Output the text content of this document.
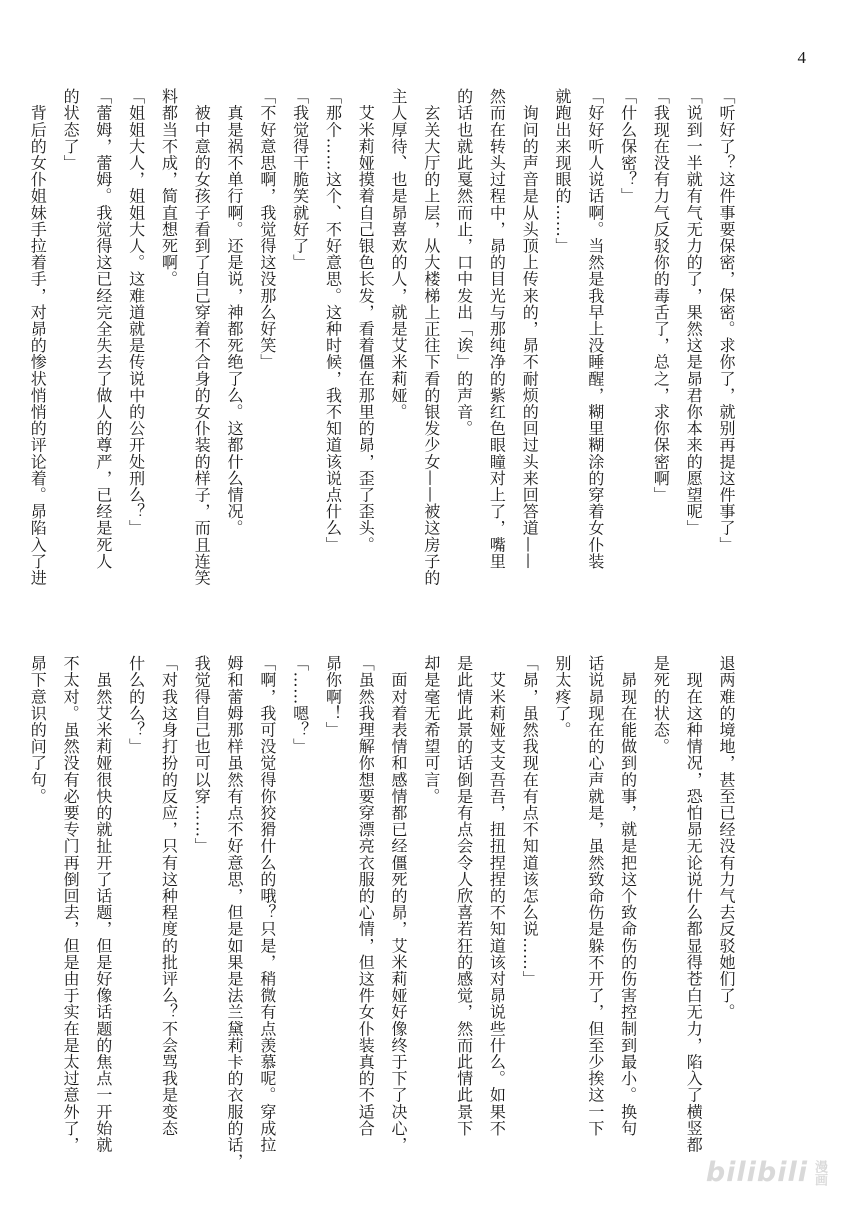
4
「听好了？这件事要保密，保密。求你了，就别再提这件事了」
「说到一半就有气无力的了，果然这是昴君你本来的愿望呢」
「我现在没有力气反驳你的毒舌了，总之，求你保密啊」
「什么保密？」
「好好听人说话啊。当然是我早上没睡醒，糊里糊涂的穿着女仆装
就跑出来现眼的……」
　询问的声音是从头顶上传来的，昴不耐烦的回过头来回答道——
然而在转头过程中，昴的目光与那纯净的紫红色眼瞳对上了，嘴里
的话也就此戛然而止，口中发出「诶」的声音。
　玄关大厅的上层，从大楼梯上正往下看的银发少女——被这房子的
主人厚待、也是昴喜欢的人，就是艾米莉娅。
　艾米莉娅摸着自己银色长发，看着僵在那里的昴，歪了歪头。
「那个……这个、不好意思。这种时候，我不知道该说点什么」
「我觉得干脆笑就好了」
「不好意思啊，我觉得这没那么好笑」
　真是祸不单行啊。还是说，神都死绝了么。这都什么情况。
　被中意的女孩子看到了自己穿着不合身的女仆装的样子，而且连笑
料都当不成，简直想死啊。
「姐姐大人，姐姐大人。这难道就是传说中的公开处刑么？」
「蕾姆，蕾姆。我觉得这已经完全失去了做人的尊严，已经是死人
的状态了」
　背后的女仆姐妹手拉着手，对昴的惨状悄悄的评论着。昴陷入了进
退两难的境地，甚至已经没有力气去反驳她们了。
　现在这种情况，恐怕昴无论说什么都显得苍白无力，陷入了横竖都
是死的状态。
　昴现在能做到的事，就是把这个致命伤的伤害控制到最小。换句
话说昴现在的心声就是，虽然致命伤是躲不开了，但至少挨这一下
别太疼了。
「昴，虽然我现在有点不知道该怎么说……」
　艾米莉娅支支吾吾，扭扭捏捏的不知道该对昴说些什么。如果不
是此情此景的话倒是有点会令人欣喜若狂的感觉，然而此情此景下
却是毫无希望可言。
　面对着表情和感情都已经僵死的昴，艾米莉娅好像终于下了决心，
「虽然我理解你想要穿漂亮衣服的心情，但这件女仆装真的不适合
昴你啊！」
「……嗯？」
「啊，我可没觉得你狡猾什么的哦？只是，稍微有点羡慕呢。穿成拉
姆和蕾姆那样虽然有点不好意思，但是如果是法兰黛莉卡的衣服的话，
我觉得自己也可以穿……」
「对我这身打扮的反应，只有这种程度的批评么？不会骂我是变态
什么的么？」
　虽然艾米莉娅很快的就扯开了话题，但是好像话题的焦点一开始就
不太对。虽然没有必要专门再倒回去，但是由于实在是太过意外了，
昴下意识的问了句。
bilibili 漫画
